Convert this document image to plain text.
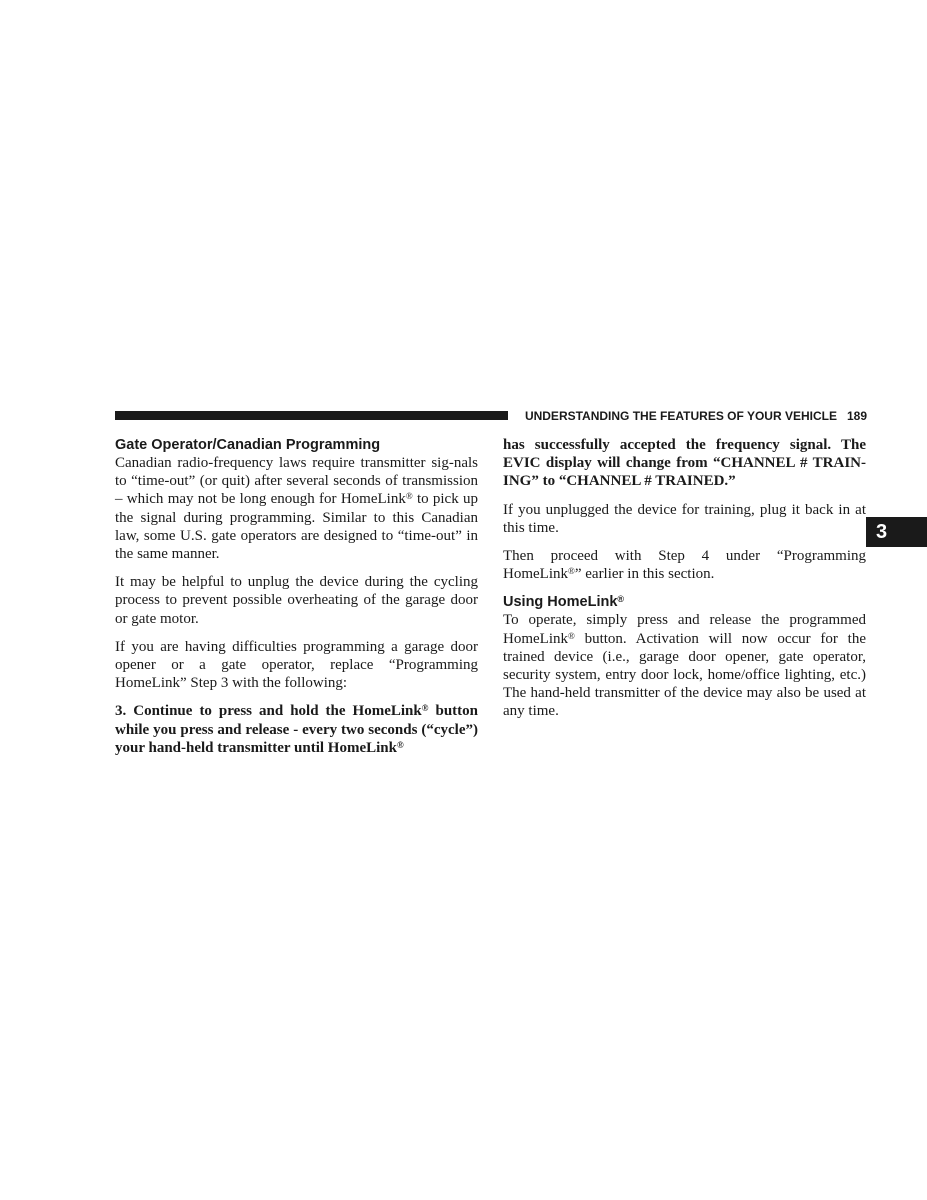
UNDERSTANDING THE FEATURES OF YOUR VEHICLE 189
3
Gate Operator/Canadian Programming

Canadian radio-frequency laws require transmitter sig-nals to “time-out” (or quit) after several seconds of transmission – which may not be long enough for HomeLink® to pick up the signal during programming. Similar to this Canadian law, some U.S. gate operators are designed to “time-out” in the same manner.

It may be helpful to unplug the device during the cycling process to prevent possible overheating of the garage door or gate motor.

If you are having difficulties programming a garage door opener or a gate operator, replace “Programming HomeLink” Step 3 with the following:

3. Continue to press and hold the HomeLink® button while you press and release - every two seconds (“cycle”) your hand-held transmitter until HomeLink®

has successfully accepted the frequency signal. The EVIC display will change from “CHANNEL # TRAIN-ING” to “CHANNEL # TRAINED.”

If you unplugged the device for training, plug it back in at this time.

Then proceed with Step 4 under “Programming HomeLink®” earlier in this section.

Using HomeLink®

To operate, simply press and release the programmed HomeLink® button. Activation will now occur for the trained device (i.e., garage door opener, gate operator, security system, entry door lock, home/office lighting, etc.) The hand-held transmitter of the device may also be used at any time.
